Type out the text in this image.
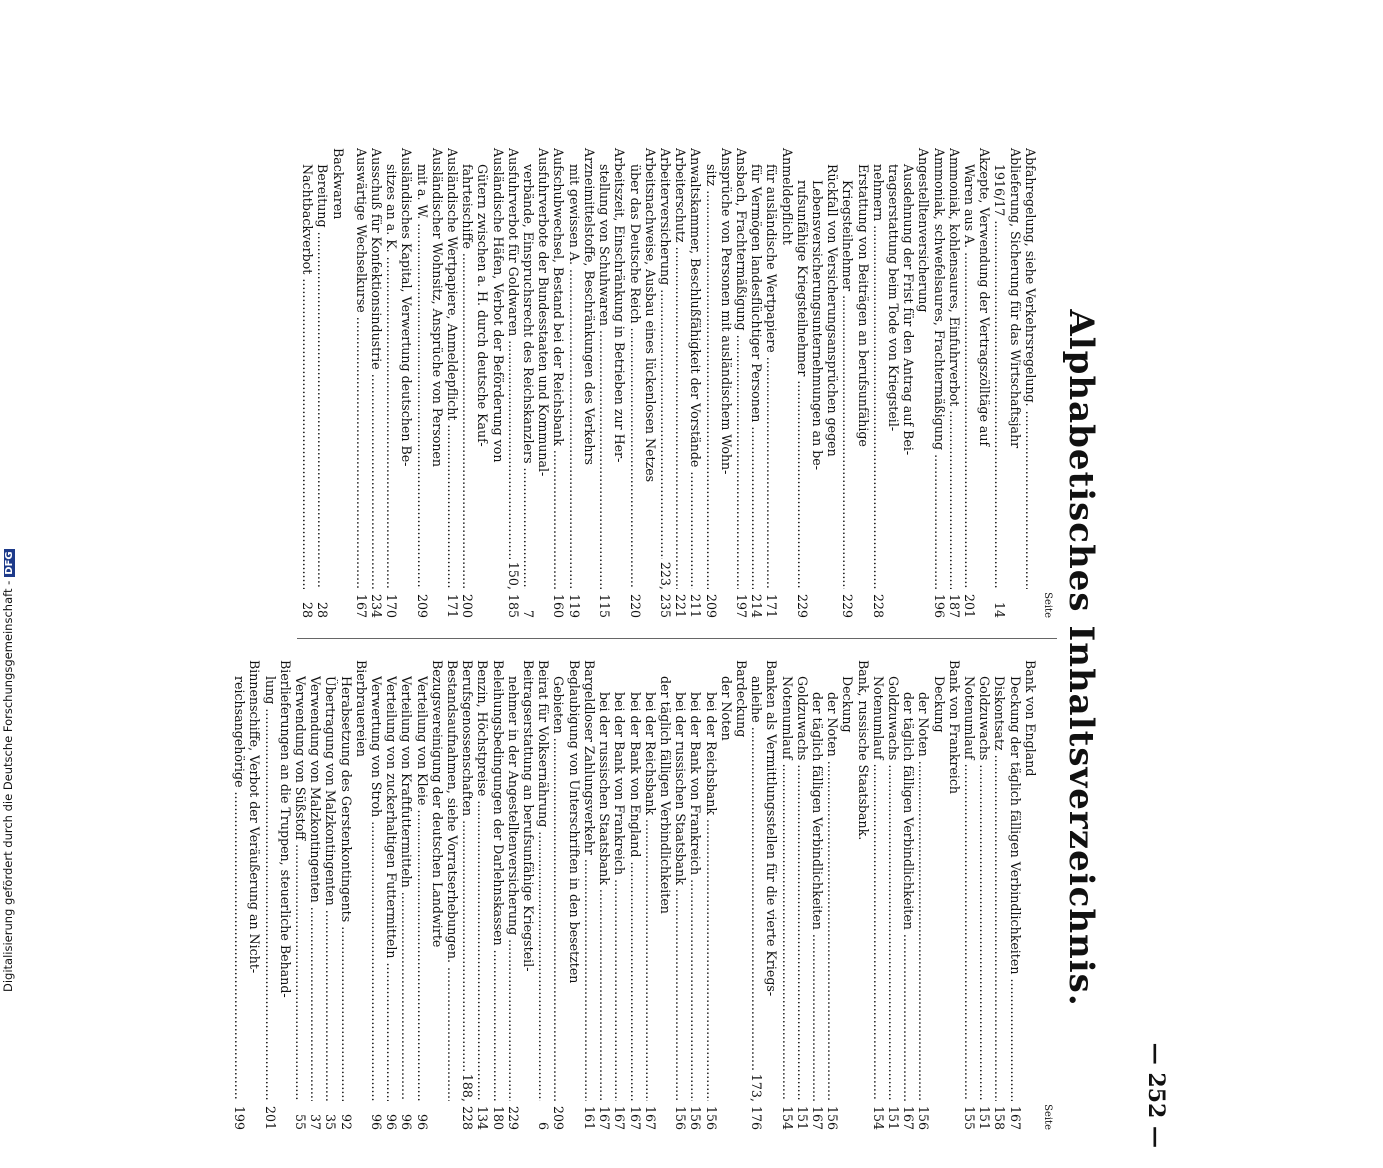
— 252 —
Alphabetisches Inhaltsverzeichnis.
Seite
Abfahregelung, siehe Verkehrsregelung. .....
Ablieferung, Sicherung für das Wirtschaftsjahr
1916/17 .....
14
Akzepte, Verwendung der Vertragszölltäge auf
Waren aus A. .....
201
Ammoniak, kohlensaures, Einfuhrverbot .....
187
Ammoniak, schwefelsaures, Frachtermäßigung .....
196
Angestelltenversicherung
Ausdehnung der Frist für den Antrag auf Bei-
tragserstattung beim Tode von Kriegsteil-
nehmern .....
228
Erstattung von Beiträgen an berufsunfähige
Kriegsteilnehmer .....
229
Rückfall von Versicherungsansprüchen gegen
Lebensversicherungsunternehmungen an be-
rufsunfähige Kriegsteilnehmer .....
229
Anmeldepflicht
für ausländische Wertpapiere .....
171
für Vermögen landesflüchtiger Personen .....
214
Ansbach, Frachtermäßigung .....
197
Ansprüche von Personen mit ausländischem Wohn-
sitz .....
209
Anwaltskammer, Beschlußfähigkeit der Vorstände .....
211
Arbeiterschutz .....
221
Arbeiterversicherung .....
223, 235
Arbeitsnachweise, Ausbau eines lückenlosen Netzes
über das Deutsche Reich .....
220
Arbeitszeit, Einschränkung in Betrieben zur Her-
stellung von Schuhwaren .....
115
Arzneimittelstoffe, Beschränkungen des Verkehrs
mit gewissen A. .....
119
Aufschubwechsel, Bestand bei der Reichsbank .....
160
Ausfuhrverbote der Bundesstaaten und Kommunal-
verbände, Einspruchsrecht des Reichskanzlers .....
7
Ausfuhrverbot für Goldwaren .....
150, 185
Ausländische Häfen, Verbot der Beförderung von
Gütern zwischen a. H. durch deutsche Kauf-
fahrteischiffe .....
200
Ausländische Wertpapiere, Anmeldepflicht .....
171
Ausländischer Wohnsitz, Ansprüche von Personen
mit a. W. .....
209
Ausländisches Kapital, Verwertung deutschen Be-
sitzes an a. K. .....
170
Ausschuß für Konfektionsindustrie .....
234
Auswärtige Wechselkurse .....
167
Backwaren
Bereitung .....
28
Nachtbackverbot .....
28
Seite
Bank von England
Deckung der täglich fälligen Verbindlichkeiten .....
167
Diskontsatz .....
158
Goldzuwachs .....
151
Notenumlauf .....
155
Bank von Frankreich
Deckung
der Noten .....
156
der täglich fälligen Verbindlichkeiten .....
167
Goldzuwachs .....
151
Notenumlauf .....
154
Bank, russische Staatsbank.
Deckung
der Noten .....
156
der täglich fälligen Verbindlichkeiten .....
167
Goldzuwachs .....
151
Notenumlauf .....
154
Banken als Vermittlungsstellen für die vierte Kriegs-
anleihe .....
173, 176
Bardeckung
der Noten
bei der Reichsbank .....
156
bei der Bank von Frankreich .....
156
bei der russischen Staatsbank .....
156
der täglich fälligen Verbindlichkeiten
bei der Reichsbank .....
167
bei der Bank von England .....
167
bei der Bank von Frankreich .....
167
bei der russischen Staatsbank .....
167
Bargeldloser Zahlungsverkehr .....
161
Beglaubigung von Unterschriften in den besetzten
Gebieten .....
209
Beirat für Volksernährung .....
6
Beitragserstattung an berufsunfähige Kriegsteil-
nehmer in der Angestelltenversicherung .....
229
Beleihungsbedingungen der Darlehnskassen .....
180
Benzin, Höchstpreise .....
134
Berufsgenossenschaften .....
188, 228
Bestandsaufnahmen, siehe Vorratserhebungen. .....
Bezugsvereinigung der deutschen Landwirte
Verteilung von Kleie .....
96
Verteilung von Kraftfuttermitteln .....
96
Verteilung von zuckerhaltigen Futtermitteln .....
96
Verwertung von Stroh .....
96
Bierbrauereien
Herabsetzung des Gerstenkontingents .....
92
Übertragung von Malzkontingenten .....
35
Verwendung von Malzkontingenten .....
37
Verwendung von Süßstoff .....
55
Bierlieferungen an die Truppen, steuerliche Behand-
lung .....
201
Binnenschiffe, Verbot der Veräußerung an Nicht-
reichsangehörige .....
199
Digitalisierung gefördert durch die Deutsche Forschungsgemeinschaft -DFG
